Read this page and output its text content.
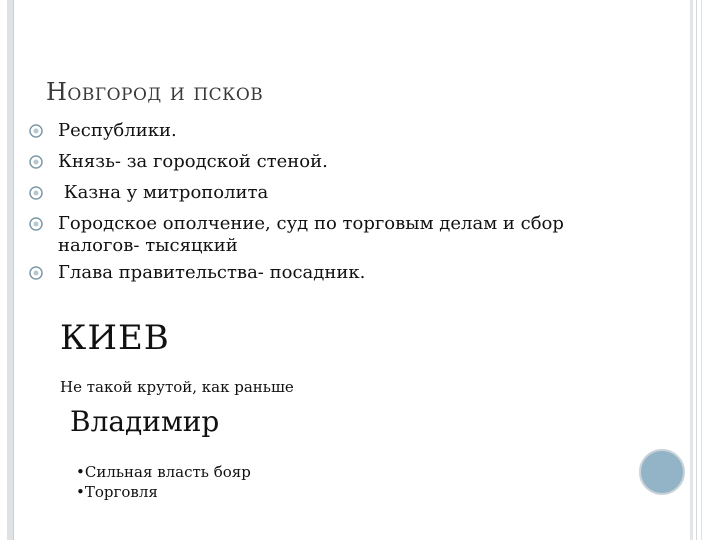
Новгород и псков
Республики.
Князь- за городской стеной.
Казна у митрополита
Городское ополчение, суд по торговым делам и сбор налогов- тысяцкий
Глава правительства- посадник.
КИЕВ
Не такой крутой, как раньше
Владимир
•Сильная власть бояр
•Торговля
